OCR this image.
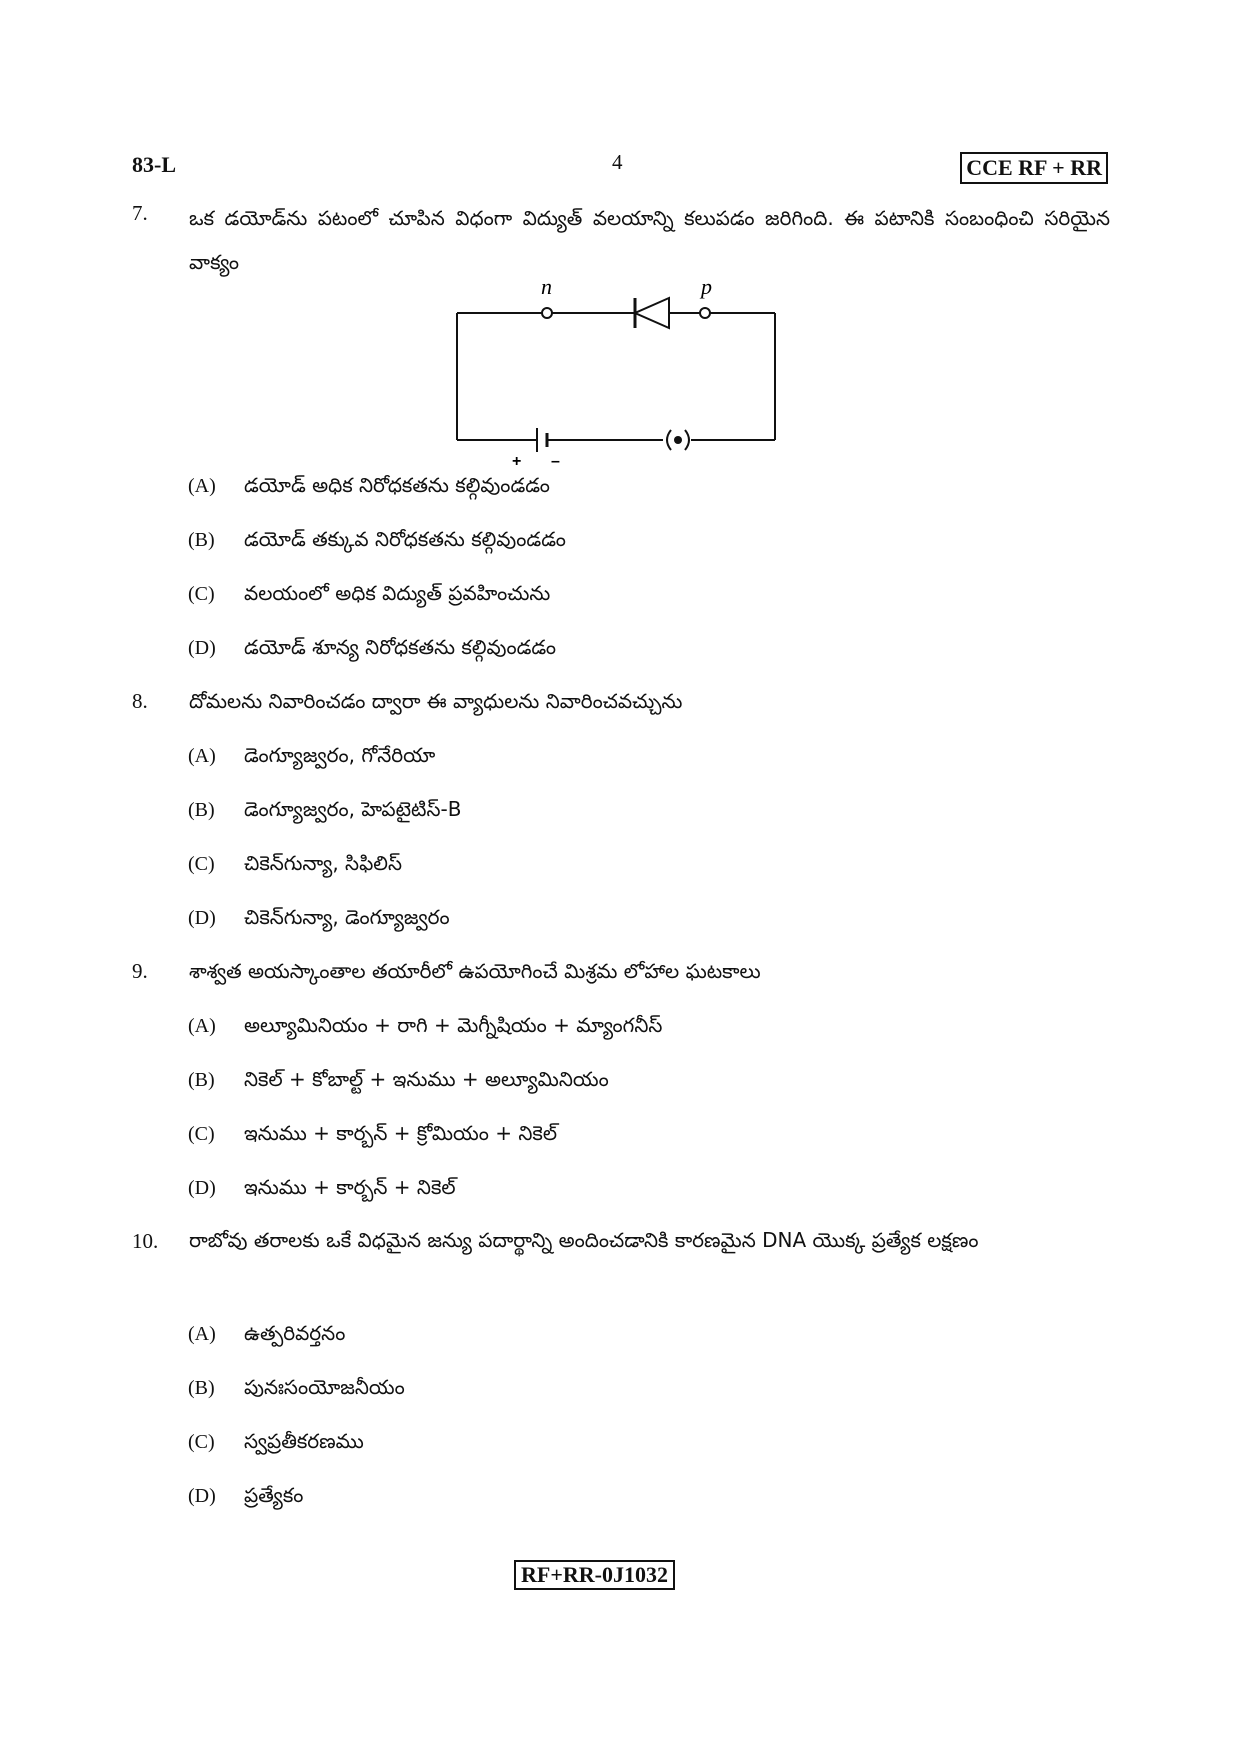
83-L	4	CCE RF + RR
7. ఒక డయోడ్‌ను పటంలో చూపిన విధంగా విద్యుత్ వలయాన్ని కలుపడం జరిగింది. ఈ పటానికి సంబంధించి సరియైన వాక్యం
n	p
+ –
(A) డయోడ్ అధిక నిరోధకతను కల్గివుండడం
(B) డయోడ్ తక్కువ నిరోధకతను కల్గివుండడం
(C) వలయంలో అధిక విద్యుత్ ప్రవహించును
(D) డయోడ్ శూన్య నిరోధకతను కల్గివుండడం
8. దోమలను నివారించడం ద్వారా ఈ వ్యాధులను నివారించవచ్చును
(A) డెంగ్యూజ్వరం, గోనేరియా
(B) డెంగ్యూజ్వరం, హెపటైటిస్-B
(C) చికెన్‌గున్యా, సిఫిలిస్
(D) చికెన్‌గున్యా, డెంగ్యూజ్వరం
9. శాశ్వత అయస్కాంతాల తయారీలో ఉపయోగించే మిశ్రమ లోహాల ఘటకాలు
(A) అల్యూమినియం + రాగి + మెగ్నీషియం + మ్యాంగనీస్
(B) నికెల్ + కోబాల్ట్ + ఇనుము + అల్యూమినియం
(C) ఇనుము + కార్బన్ + క్రోమియం + నికెల్
(D) ఇనుము + కార్బన్ + నికెల్
10. రాబోవు తరాలకు ఒకే విధమైన జన్యు పదార్థాన్ని అందించడానికి కారణమైన DNA యొక్క ప్రత్యేక లక్షణం
(A) ఉత్పరివర్తనం
(B) పునఃసంయోజనీయం
(C) స్వప్రతీకరణము
(D) ప్రత్యేకం
RF+RR-0J1032
